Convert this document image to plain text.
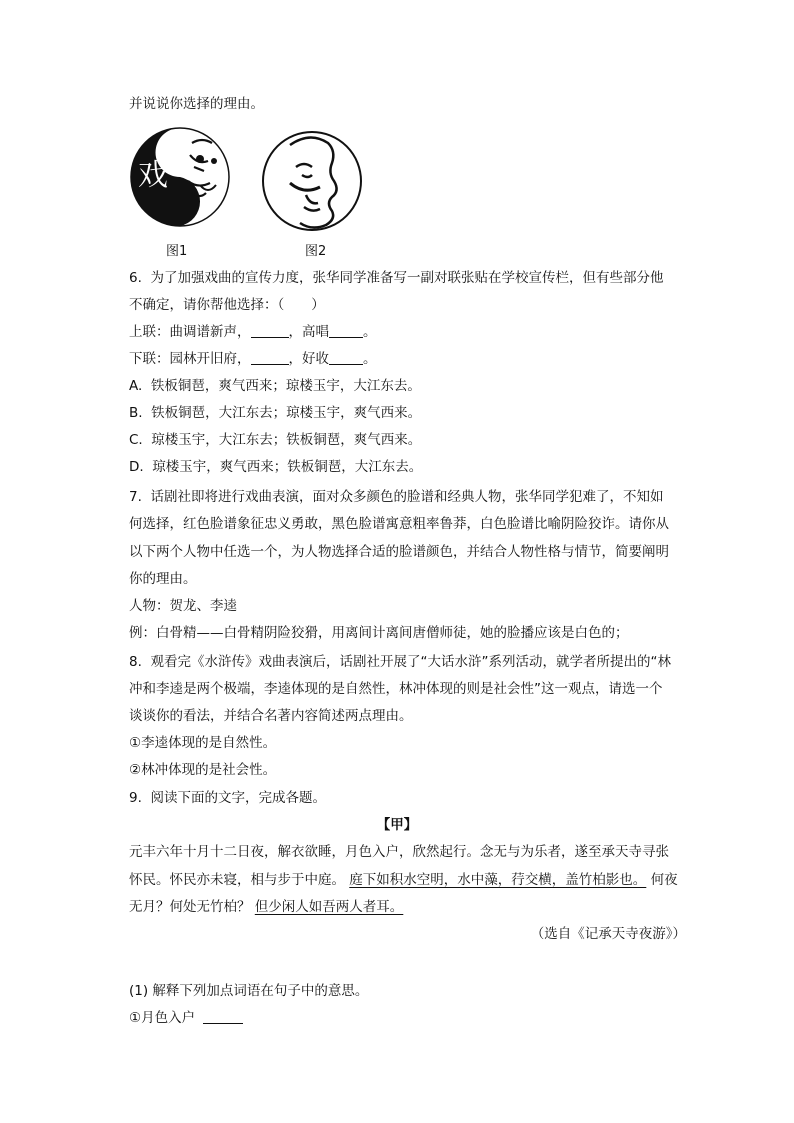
并说说你选择的理由。
戏
图1	图2
6.  为了加强戏曲的宣传力度，张华同学准备写一副对联张贴在学校宣传栏，但有些部分他
不确定，请你帮他选择：（　　）
上联：曲调谱新声，	，高唱	。
下联：园林开旧府，	，好收	。
A.  铁板铜琶，爽气西来；琼楼玉宇，大江东去。
B.  铁板铜琶，大江东去；琼楼玉宇，爽气西来。
C.  琼楼玉宇，大江东去；铁板铜琶，爽气西来。
D.  琼楼玉宇，爽气西来；铁板铜琶，大江东去。
7.  话剧社即将进行戏曲表演，面对众多颜色的脸谱和经典人物，张华同学犯难了，不知如
何选择，红色脸谱象征忠义勇敢，黑色脸谱寓意粗率鲁莽，白色脸谱比喻阴险狡诈。请你从
以下两个人物中任选一个，为人物选择合适的脸谱颜色，并结合人物性格与情节，简要阐明
你的理由。
人物：贺龙、李逵
例：白骨精——白骨精阴险狡猾，用离间计离间唐僧师徒，她的脸播应该是白色的；
8.  观看完《水浒传》戏曲表演后，话剧社开展了“大话水浒”系列活动，就学者所提出的“林
冲和李逵是两个极端，李逵体现的是自然性，林冲体现的则是社会性”这一观点，请选一个
谈谈你的看法，并结合名著内容简述两点理由。
①李逵体现的是自然性。
②林冲体现的是社会性。
9.  阅读下面的文字，完成各题。
【甲】
元丰六年十月十二日夜，解衣欲睡，月色入户，欣然起行。念无与为乐者，遂至承天寺寻张
怀民。怀民亦未寝，相与步于中庭。 庭下如积水空明，水中藻，荇交横，盖竹柏影也。 何夜
无月？何处无竹柏？ 但少闲人如吾两人者耳。
（选自《记承天寺夜游》）
(1) 解释下列加点词语在句子中的意思。
①月色入户
